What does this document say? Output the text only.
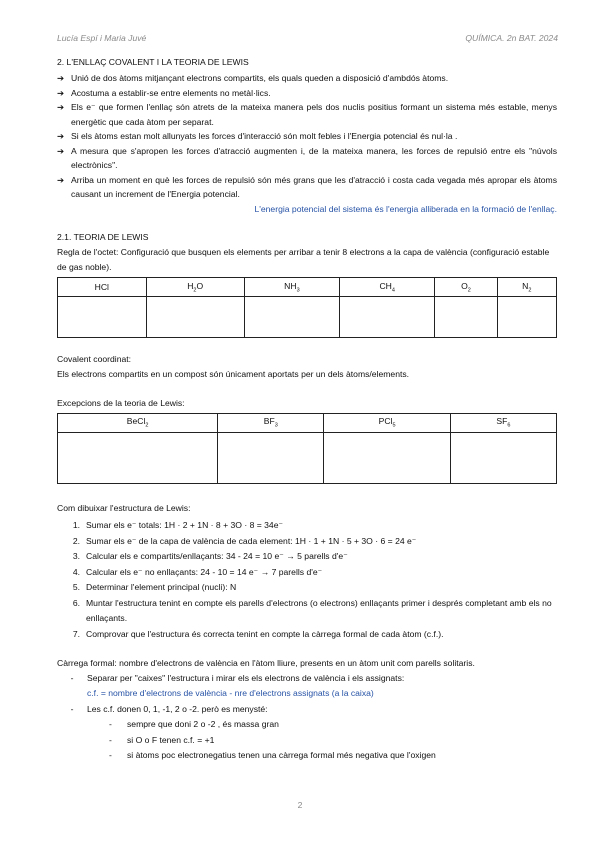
Lucía Espí i Maria Juvé	QUÍMICA. 2n BAT. 2024

2. L'ENLLAÇ COVALENT I LA TEORIA DE LEWIS

➔ Unió de dos àtoms mitjançant electrons compartits, els quals queden a disposició d'ambdós àtoms.
➔ Acostuma a establir-se entre elements no metàl·lics.
➔ Els e⁻ que formen l'enllaç són atrets de la mateixa manera pels dos nuclis positius formant un sistema més estable, menys energètic que cada àtom per separat.
➔ Si els àtoms estan molt allunyats les forces d'interacció són molt febles i l'Energia potencial és nul·la .
➔ A mesura que s'apropen les forces d'atracció augmenten i, de la mateixa manera, les forces de repulsió entre els "núvols electrònics".
➔ Arriba un moment en què les forces de repulsió són més grans que les d'atracció i costa cada vegada més apropar els àtoms causant un increment de l'Energia potencial.

L'energia potencial del sistema és l'energia alliberada en la formació de l'enllaç.

2.1. TEORIA DE LEWIS

Regla de l'octet: Configuració que busquen els elements per arribar a tenir 8 electrons a la capa de valència (configuració estable de gas noble).

HCl	$H_2O$	$NH_3$	$CH_4$	$O_2$	$N_2$

Covalent coordinat:

Els electrons compartits en un compost són únicament aportats per un dels àtoms/elements.

Excepcions de la teoria de Lewis:

BeCl$_2$	$BF_3$	PCl$_5$	$SF_6$

Com dibuixar l'estructura de Lewis:

1. Sumar els e⁻ totals: 1H · 2 + 1N · 8 + 3O · 8 = 34e⁻
2. Sumar els e⁻ de la capa de valència de cada element: 1H · 1 + 1N · 5 + 3O · 6 = 24 e⁻
3. Calcular els e compartits/enllaçants: 34 - 24 = 10 e⁻ → 5 parells d'e⁻
4. Calcular els e⁻ no enllaçants: 24 - 10 = 14 e⁻ → 7 parells d'e⁻
5. Determinar l'element principal (nucli): N
6. Muntar l'estructura tenint en compte els parells d'electrons (o electrons) enllaçants primer i després completant amb els no enllaçants.
7. Comprovar que l'estructura és correcta tenint en compte la càrrega formal de cada àtom (c.f.).

Càrrega formal: nombre d'electrons de valència en l'àtom lliure, presents en un àtom unit com parells solitaris.

-	Separar per "caixes" l'estructura i mirar els els electrons de valència i els assignats:
c.f. = nombre d'electrons de valència - nre d'electrons assignats (a la caixa)
-	Les c.f. donen 0, 1, -1, 2 o -2. però es menysté:
-	sempre que doni 2 o -2 , és massa gran
-	si O o F tenen c.f. = +1
-	si àtoms poc electronegatius tenen una càrrega formal més negativa que l'oxigen
2
